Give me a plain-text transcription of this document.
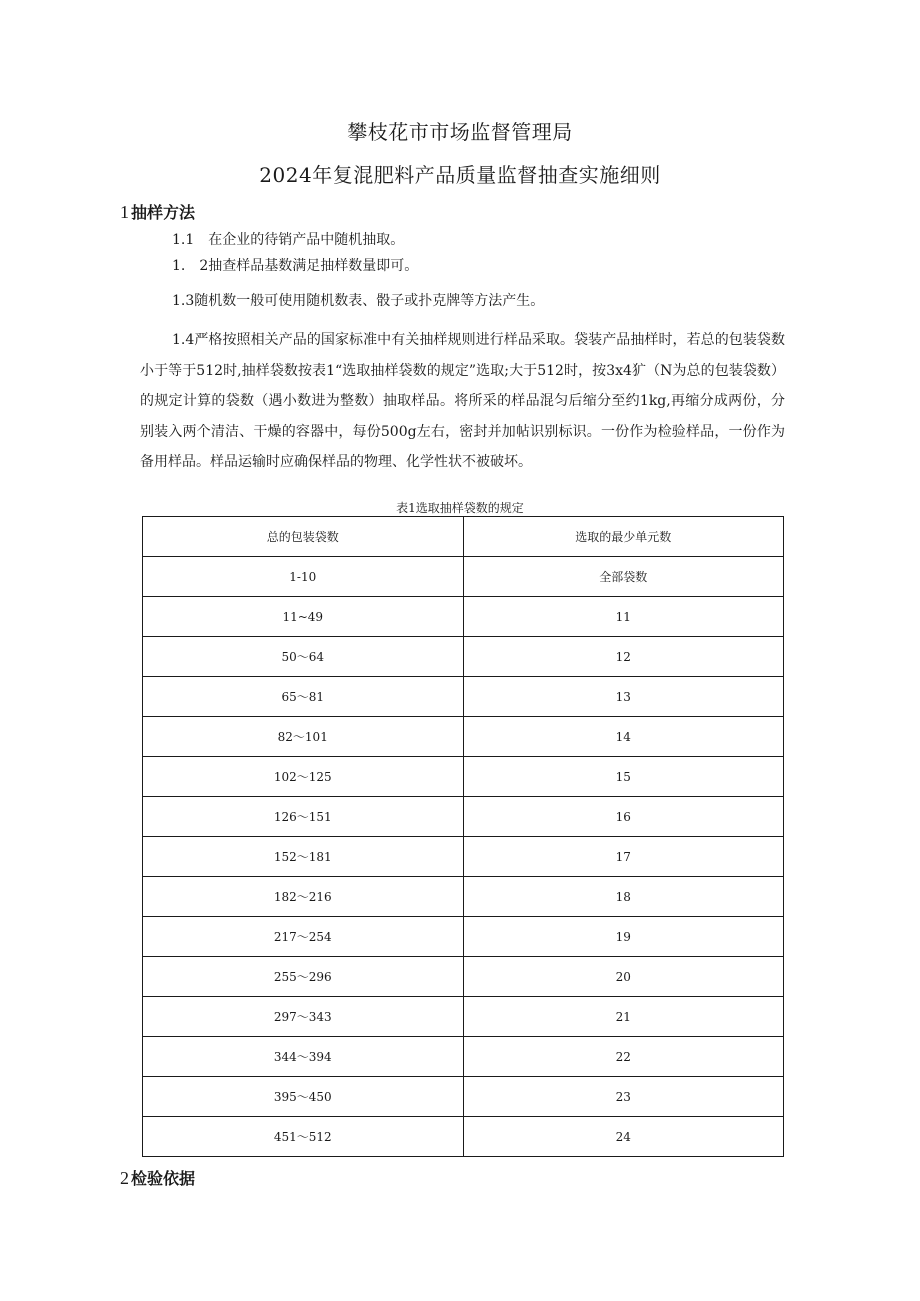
攀枝花市市场监督管理局
2024年复混肥料产品质量监督抽查实施细则
1 抽样方法
1.1　在企业的待销产品中随机抽取。
1.　2抽查样品基数满足抽样数量即可。
1.3随机数一般可使用随机数表、骰子或扑克牌等方法产生。
1.4严格按照相关产品的国家标准中有关抽样规则进行样品采取。袋装产品抽样时，若总的包装袋数小于等于512时,抽样袋数按表1“选取抽样袋数的规定”选取;大于512时，按3x4犷（N为总的包装袋数）的规定计算的袋数（遇小数进为整数）抽取样品。将所采的样品混匀后缩分至约1kg,再缩分成两份，分别装入两个清洁、干燥的容器中，每份500g左右，密封并加帖识别标识。一份作为检验样品，一份作为备用样品。样品运输时应确保样品的物理、化学性状不被破坏。
表1选取抽样袋数的规定
总的包装袋数	选取的最少单元数
1-10	全部袋数
11~49	11
50～64	12
65～81	13
82～101	14
102～125	15
126～151	16
152～181	17
182～216	18
217～254	19
255～296	20
297～343	21
344～394	22
395～450	23
451～512	24
2 检验依据
